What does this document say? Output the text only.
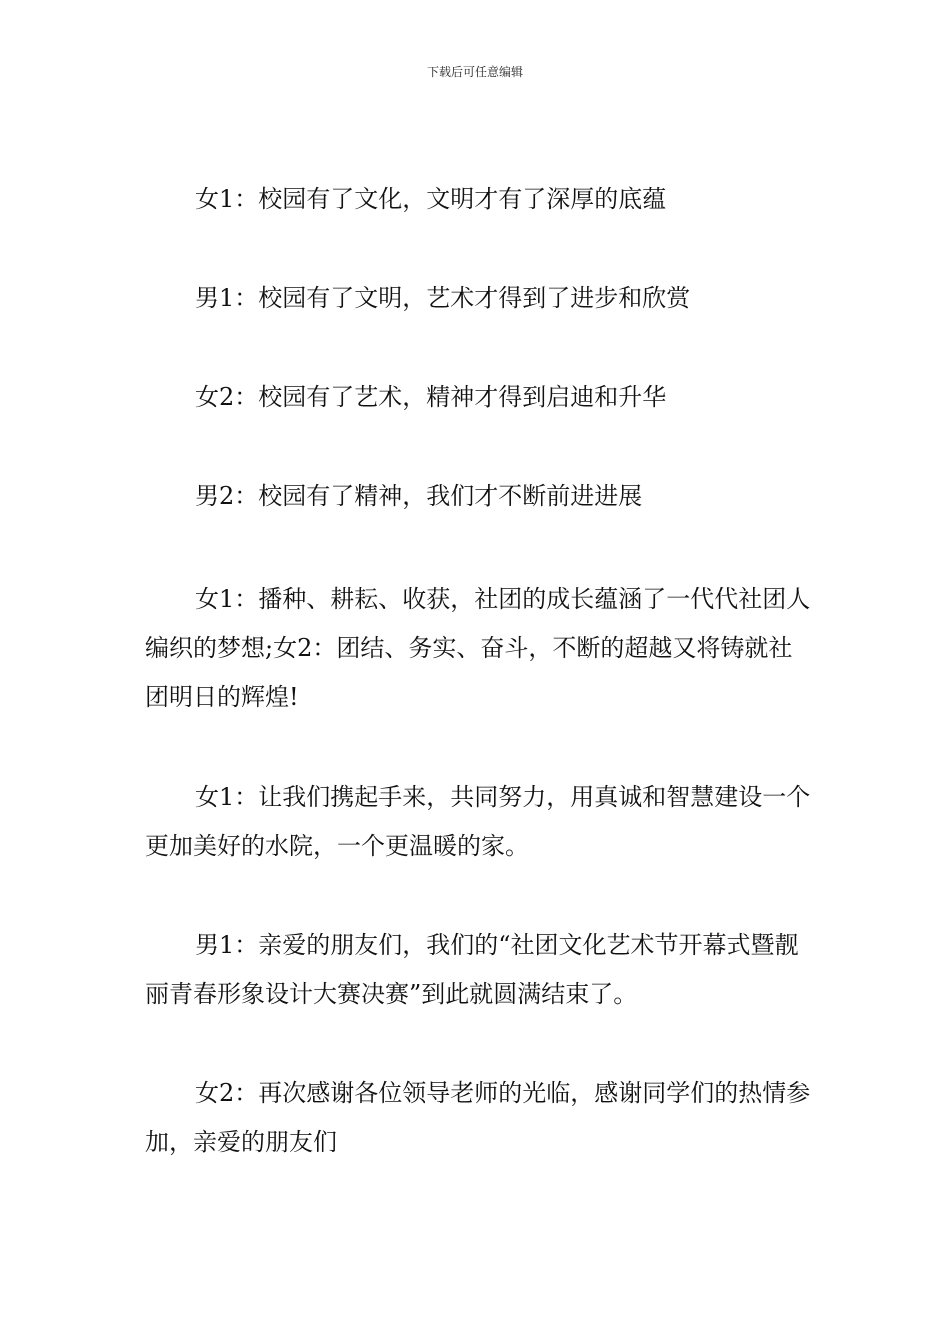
下载后可任意编辑

女1：校园有了文化，文明才有了深厚的底蕴

男1：校园有了文明，艺术才得到了进步和欣赏

女2：校园有了艺术，精神才得到启迪和升华

男2：校园有了精神，我们才不断前进进展

女1：播种、耕耘、收获，社团的成长蕴涵了一代代社团人编织的梦想;女2：团结、务实、奋斗，不断的超越又将铸就社团明日的辉煌!

女1：让我们携起手来，共同努力，用真诚和智慧建设一个更加美好的水院，一个更温暖的家。

男1：亲爱的朋友们，我们的“社团文化艺术节开幕式暨靓丽青春形象设计大赛决赛”到此就圆满结束了。

女2：再次感谢各位领导老师的光临，感谢同学们的热情参加，亲爱的朋友们
